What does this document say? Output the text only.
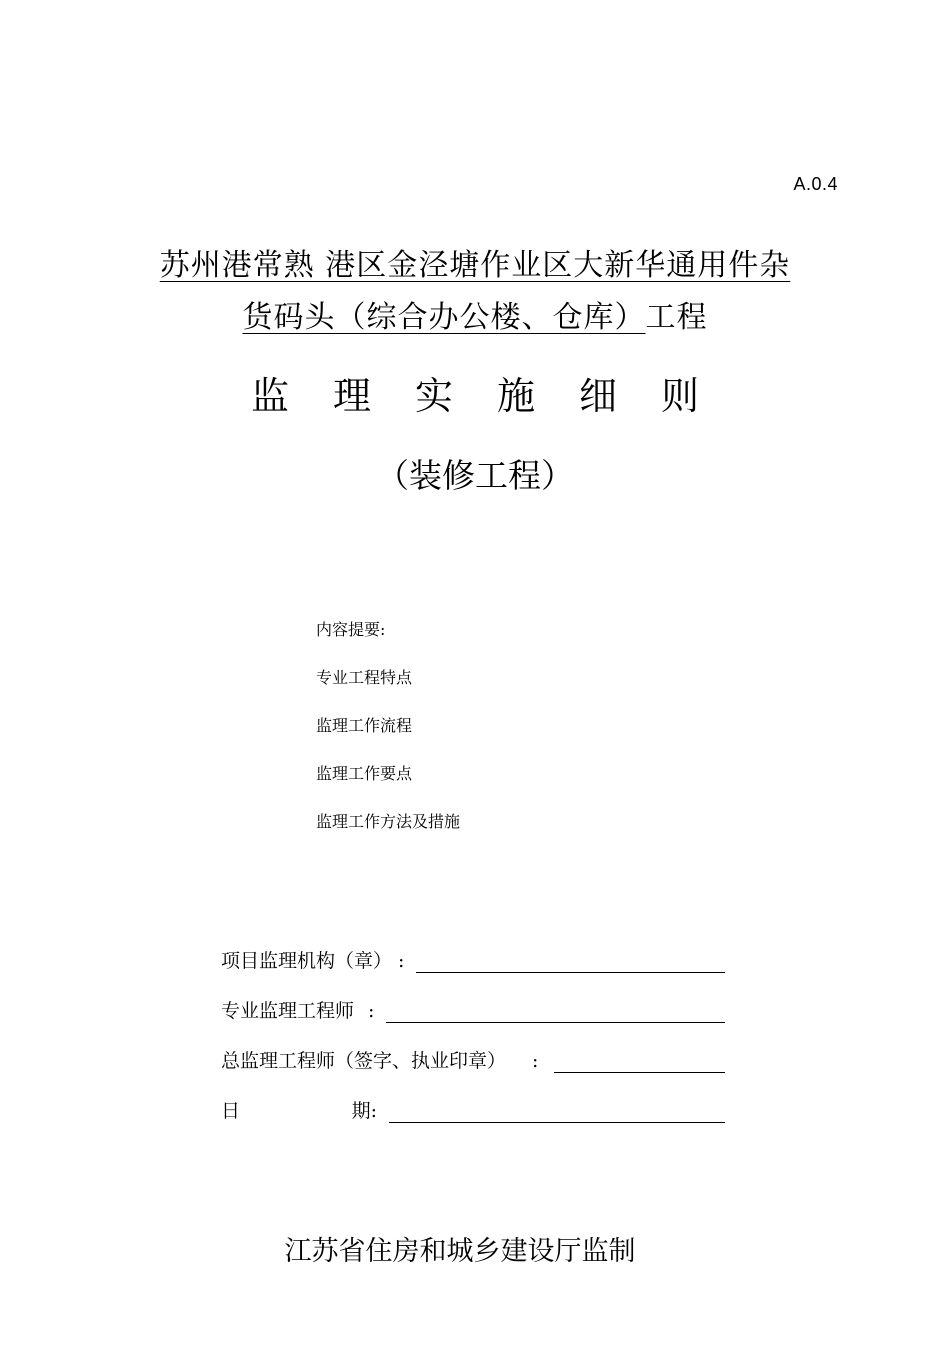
A.0.4
苏州港常熟 港区金泾塘作业区大新华通用件杂
货码头（综合办公楼、仓库）工程
监 理 实 施 细 则
（装修工程）
内容提要:
专业工程特点
监理工作流程
监理工作要点
监理工作方法及措施
项目监理机构（章） :
专业监理工程师 :
总监理工程师（签字、执业印章）	:
日	期:
江苏省住房和城乡建设厅监制
